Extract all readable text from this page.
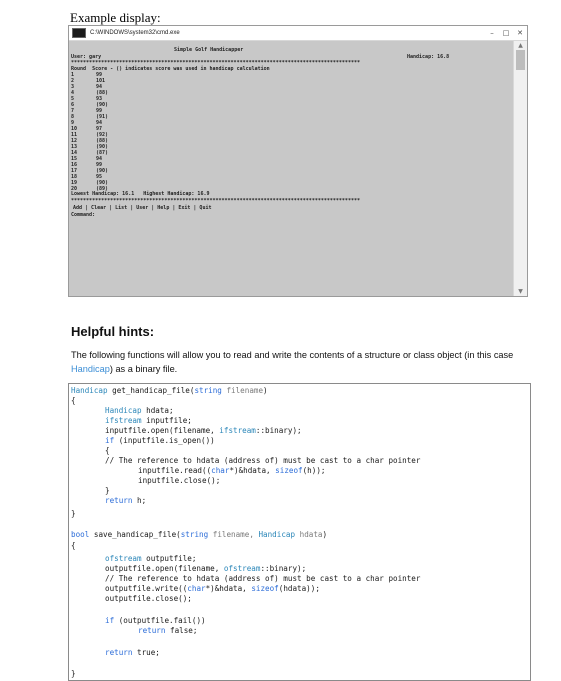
Example display:
C:\WINDOWS\system32\cmd.exe	–	□	✕
Simple Golf Handicapper
User: gary	Handicap: 16.8
************************************************************************************************
Round  Score - () indicates score was used in handicap calculation
1	99
2	101
3	94
4	(88)
5	93
6	(90)
7	99
8	(91)
9	94
10	97
11	(92)
12	(88)
13	(90)
14	(87)
15	94
16	99
17	(90)
18	95
19	(90)
20	(89)
Lowest Handicap: 16.1   Highest Handicap: 16.9
************************************************************************************************
Add | Clear | List | User | Help | Exit | Quit
Command:
▲
▼
Helpful hints:
The following functions will allow you to read and write the contents of a structure or class object (in this case Handicap) as a binary file.
Handicap get_handicap_file(string filename)
{
Handicap hdata;
ifstream inputfile;
inputfile.open(filename, ifstream::binary);
if (inputfile.is_open())
{
// The reference to hdata (address of) must be cast to a char pointer
inputfile.read((char*)&hdata, sizeof(h));
inputfile.close();
}
return h;
}
bool save_handicap_file(string filename, Handicap hdata)
{
ofstream outputfile;
outputfile.open(filename, ofstream::binary);
// The reference to hdata (address of) must be cast to a char pointer
outputfile.write((char*)&hdata, sizeof(hdata));
outputfile.close();
if (outputfile.fail())
return false;
return true;
}
